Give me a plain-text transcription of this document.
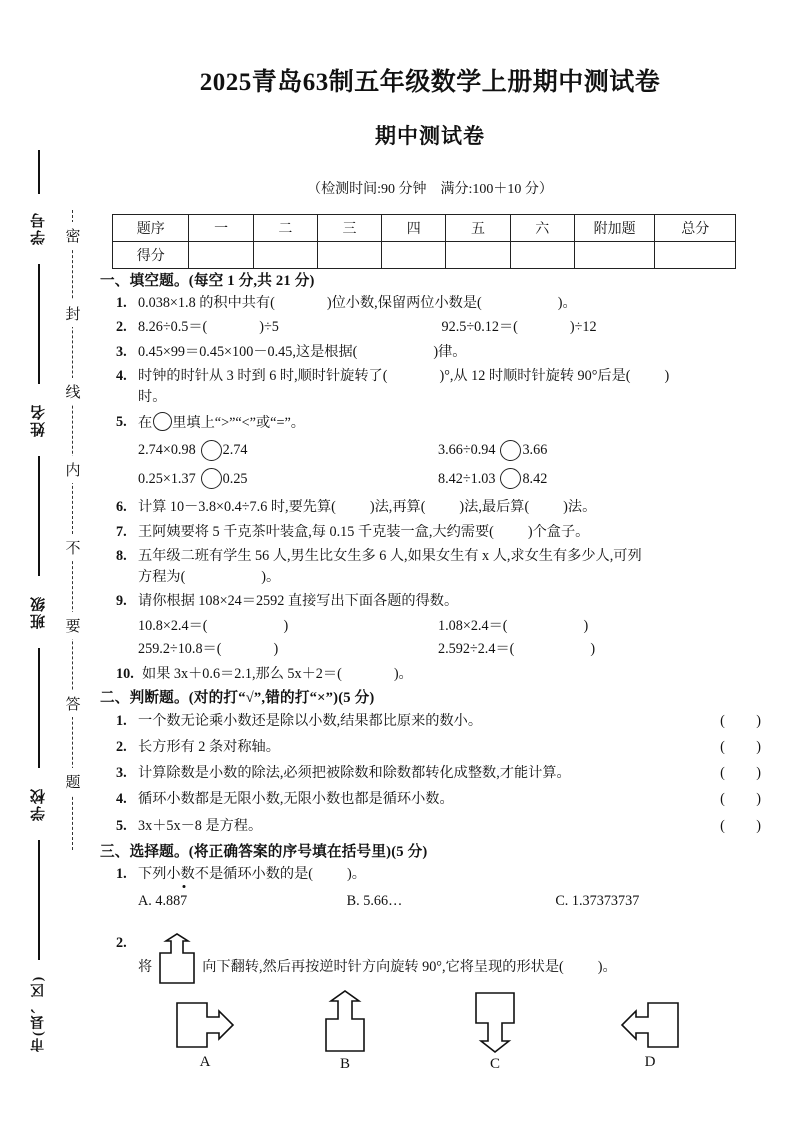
学号
姓名
班级
学校
市(县、区)
密
封
线
内
不
要
答
题
2025青岛63制五年级数学上册期中测试卷
期中测试卷
（检测时间:90 分钟　满分:100＋10 分）
题序	一	二	三	四	五	六	附加题	总分
得分								
一、填空题。(每空 1 分,共 21 分)
1. 0.038×1.8 的积中共有(	)位小数,保留两位小数是(	)。
2. 8.26÷0.5＝(	)÷5	92.5÷0.12＝(	)÷12
3. 0.45×99＝0.45×100－0.45,这是根据(	)律。
4. 时钟的时针从 3 时到 6 时,顺时针旋转了(	)°,从 12 时顺时针旋转 90°后是( )
时。
5. 在 里填上“>”“<”或“=”。
2.74×0.98 2.74	3.66÷0.94 3.66
0.25×1.37 0.25	8.42÷1.03 8.42
6. 计算 10－3.8×0.4÷7.6 时,要先算( )法,再算( )法,最后算( )法。
7. 王阿姨要将 5 千克茶叶装盒,每 0.15 千克装一盒,大约需要( )个盒子。
8. 五年级二班有学生 56 人,男生比女生多 6 人,如果女生有 x 人,求女生有多少人,可列
方程为(	)。
9. 请你根据 108×24＝2592 直接写出下面各题的得数。
10.8×2.4＝(	)	1.08×2.4＝(	)
259.2÷10.8＝(	)	2.592÷2.4＝(	)
10. 如果 3x＋0.6＝2.1,那么 5x＋2＝(	)。
二、判断题。(对的打“√”,错的打“×”)(5 分)
1. 一个数无论乘小数还是除以小数,结果都比原来的数小。	(　　)
2. 长方形有 2 条对称轴。	(　　)
3. 计算除数是小数的除法,必须把被除数和除数都转化成整数,才能计算。	(　　)
4. 循环小数都是无限小数,无限小数也都是循环小数。	(　　)
5. 3x＋5x－8 是方程。	(　　)
三、选择题。(将正确答案的序号填在括号里)(5 分)
1. 下列小数不是循环小数的是( )。
A. 4.887	B. 5.66…	C. 1.37373737
2.
将	向下翻转,然后再按逆时针方向旋转 90°,它将呈现的形状是( )。
A	B	C	D
